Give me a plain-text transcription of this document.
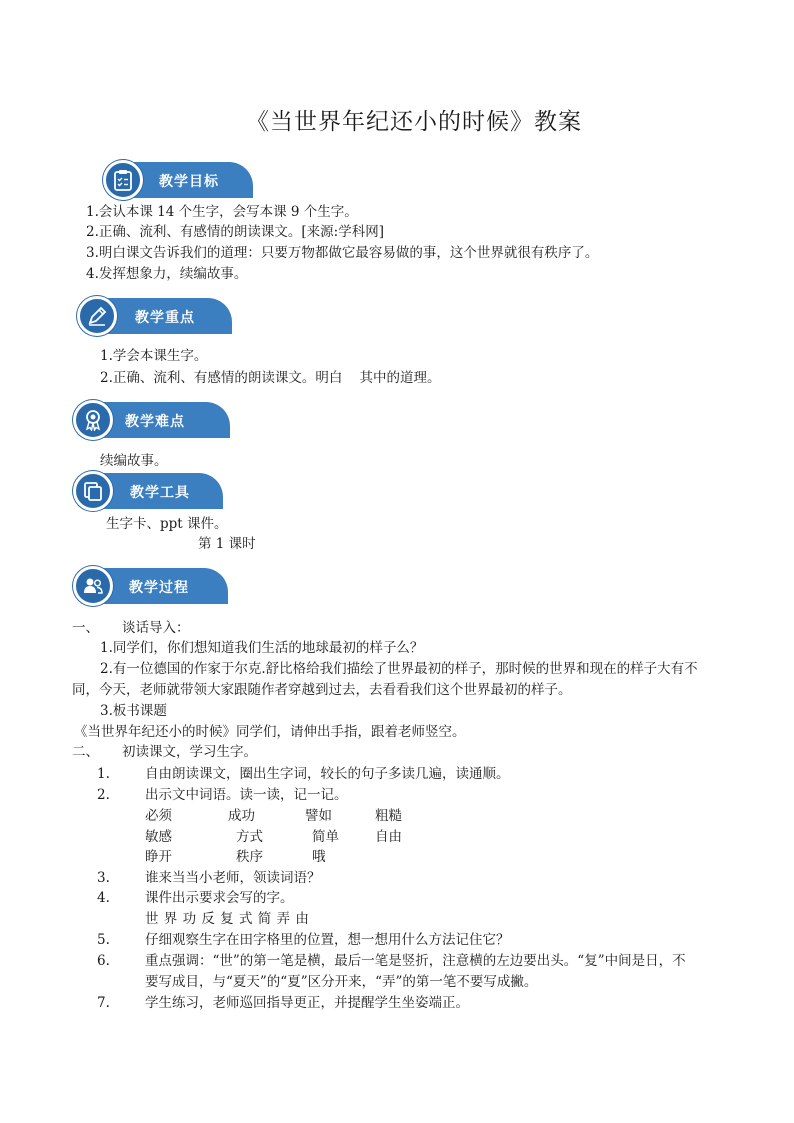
《当世界年纪还小的时候》教案
教学目标
1.会认本课 14 个生字，会写本课 9 个生字。
2.正确、流利、有感情的朗读课文。[来源:学科网]
3.明白课文告诉我们的道理：只要万物都做它最容易做的事，这个世界就很有秩序了。
4.发挥想象力，续编故事。
教学重点
1.学会本课生字。
2.正确、流利、有感情的朗读课文。明白    其中的道理。
教学难点
续编故事。
教学工具
生字卡、ppt 课件。
第 1 课时
教学过程
一、 谈话导入：
1.同学们，你们想知道我们生活的地球最初的样子么？
2.有一位德国的作家于尔克.舒比格给我们描绘了世界最初的样子，那时候的世界和现在的样子大有不
同，今天，老师就带领大家跟随作者穿越到过去，去看看我们这个世界最初的样子。
3.板书课题
《当世界年纪还小的时候》同学们，请伸出手指，跟着老师竖空。
二、 初读课文，学习生字。
1.	自由朗读课文，圈出生字词，较长的句子多读几遍，读通顺。
2.	出示文中词语。读一读，记一记。
必须	成功	譬如	粗糙
敏感	方式	简单	自由
睁开	秩序	哦
3.	谁来当当小老师，领读词语？
4.	课件出示要求会写的字。
世 界 功 反 复 式 简 弄 由
5.	仔细观察生字在田字格里的位置，想一想用什么方法记住它？
6.	重点强调：“世”的第一笔是横，最后一笔是竖折，注意横的左边要出头。“复”中间是日，不
要写成目，与“夏天”的“夏”区分开来，“弄”的第一笔不要写成撇。
7.	学生练习，老师巡回指导更正，并提醒学生坐姿端正。
